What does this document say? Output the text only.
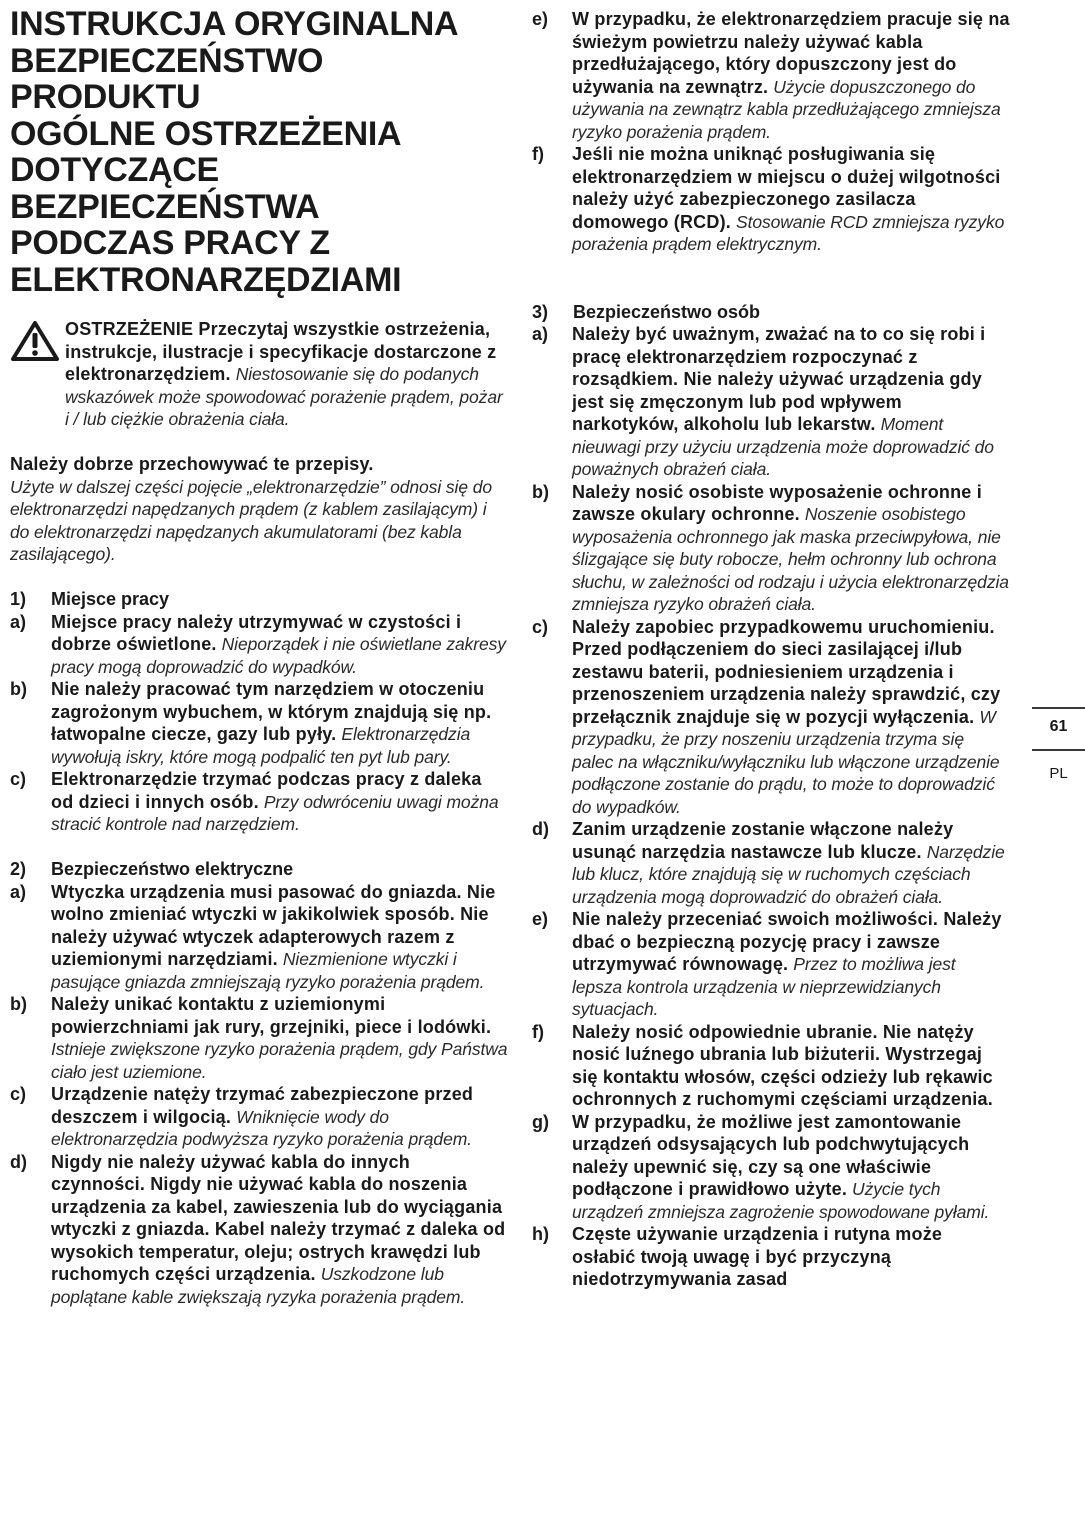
INSTRUKCJA ORYGINALNA
BEZPIECZEŃSTWO
PRODUKTU
OGÓLNE OSTRZEŻENIA
DOTYCZĄCE
BEZPIECZEŃSTWA
PODCZAS PRACY Z
ELEKTRONARZĘDZIAMI

OSTRZEŻENIE Przeczytaj wszystkie ostrzeżenia, instrukcje, ilustracje i specyfikacje dostarczone z elektronarzędziem. Niestosowanie się do podanych wskazówek może spowodować porażenie prądem, pożar i / lub ciężkie obrażenia ciała.

Należy dobrze przechowywać te przepisy.
Użyte w dalszej części pojęcie „elektronarzędzie” odnosi się do elektronarzędzi napędzanych prądem (z kablem zasilającym) i do elektronarzędzi napędzanych akumulatorami (bez kabla zasilającego).

1) Miejsce pracy
a) Miejsce pracy należy utrzymywać w czystości i dobrze oświetlone. Nieporządek i nie oświetlane zakresy pracy mogą doprowadzić do wypadków.
b) Nie należy pracować tym narzędziem w otoczeniu zagrożonym wybuchem, w którym znajdują się np. łatwopalne ciecze, gazy lub pyły. Elektronarzędzia wywołują iskry, które mogą podpalić ten pyt lub pary.
c) Elektronarzędzie trzymać podczas pracy z daleka od dzieci i innych osób. Przy odwróceniu uwagi można stracić kontrole nad narzędziem.
2) Bezpieczeństwo elektryczne
a) Wtyczka urządzenia musi pasować do gniazda. Nie wolno zmieniać wtyczki w jakikolwiek sposób. Nie należy używać wtyczek adapterowych razem z uziemionymi narzędziami. Niezmienione wtyczki i pasujące gniazda zmniejszają ryzyko porażenia prądem.
b) Należy unikać kontaktu z uziemionymi powierzchniami jak rury, grzejniki, piece i lodówki. Istnieje zwiększone ryzyko porażenia prądem, gdy Państwa ciało jest uziemione.
c) Urządzenie natęży trzymać zabezpieczone przed deszczem i wilgocią. Wniknięcie wody do elektronarzędzia podwyższa ryzyko porażenia prądem.
d) Nigdy nie należy używać kabla do innych czynności. Nigdy nie używać kabla do noszenia urządzenia za kabel, zawieszenia lub do wyciągania wtyczki z gniazda. Kabel należy trzymać z daleka od wysokich temperatur, oleju; ostrych krawędzi lub ruchomych części urządzenia. Uszkodzone lub poplątane kable zwiększają ryzyka porażenia prądem.
e) W przypadku, że elektronarzędziem pracuje się na świeżym powietrzu należy używać kabla przedłużającego, który dopuszczony jest do używania na zewnątrz. Użycie dopuszczonego do używania na zewnątrz kabla przedłużającego zmniejsza ryzyko porażenia prądem.
f) Jeśli nie można uniknąć posługiwania się elektronarzędziem w miejscu o dużej wilgotności należy użyć zabezpieczonego zasilacza domowego (RCD). Stosowanie RCD zmniejsza ryzyko porażenia prądem elektrycznym.
3) Bezpieczeństwo osób
a) Należy być uważnym, zważać na to co się robi i pracę elektronarzędziem rozpoczynać z rozsądkiem. Nie należy używać urządzenia gdy jest się zmęczonym lub pod wpływem narkotyków, alkoholu lub lekarstw. Moment nieuwagi przy użyciu urządzenia może doprowadzić do poważnych obrażeń ciała.
b) Należy nosić osobiste wyposażenie ochronne i zawsze okulary ochronne. Noszenie osobistego wyposażenia ochronnego jak maska przeciwpyłowa, nie ślizgające się buty robocze, hełm ochronny lub ochrona słuchu, w zależności od rodzaju i użycia elektronarzędzia zmniejsza ryzyko obrażeń ciała.
c) Należy zapobiec przypadkowemu uruchomieniu. Przed podłączeniem do sieci zasilającej i/lub zestawu baterii, podniesieniem urządzenia i przenoszeniem urządzenia należy sprawdzić, czy przełącznik znajduje się w pozycji wyłączenia. W przypadku, że przy noszeniu urządzenia trzyma się palec na włączniku/wyłączniku lub włączone urządzenie podłączone zostanie do prądu, to może to doprowadzić do wypadków.
d) Zanim urządzenie zostanie włączone należy usunąć narzędzia nastawcze lub klucze. Narzędzie lub klucz, które znajdują się w ruchomych częściach urządzenia mogą doprowadzić do obrażeń ciała.
e) Nie należy przeceniać swoich możliwości. Należy dbać o bezpieczną pozycję pracy i zawsze utrzymywać równowagę. Przez to możliwa jest lepsza kontrola urządzenia w nieprzewidzianych sytuacjach.
f) Należy nosić odpowiednie ubranie. Nie natęży nosić luźnego ubrania lub biżuterii. Wystrzegaj się kontaktu włosów, części odzieży lub rękawic ochronnych z ruchomymi częściami urządzenia.
g) W przypadku, że możliwe jest zamontowanie urządzeń odsysających lub podchwytujących należy upewnić się, czy są one właściwie podłączone i prawidłowo użyte. Użycie tych urządzeń zmniejsza zagrożenie spowodowane pyłami.
h) Częste używanie urządzenia i rutyna może osłabić twoją uwagę i być przyczyną niedotrzymywania zasad
61
PL
